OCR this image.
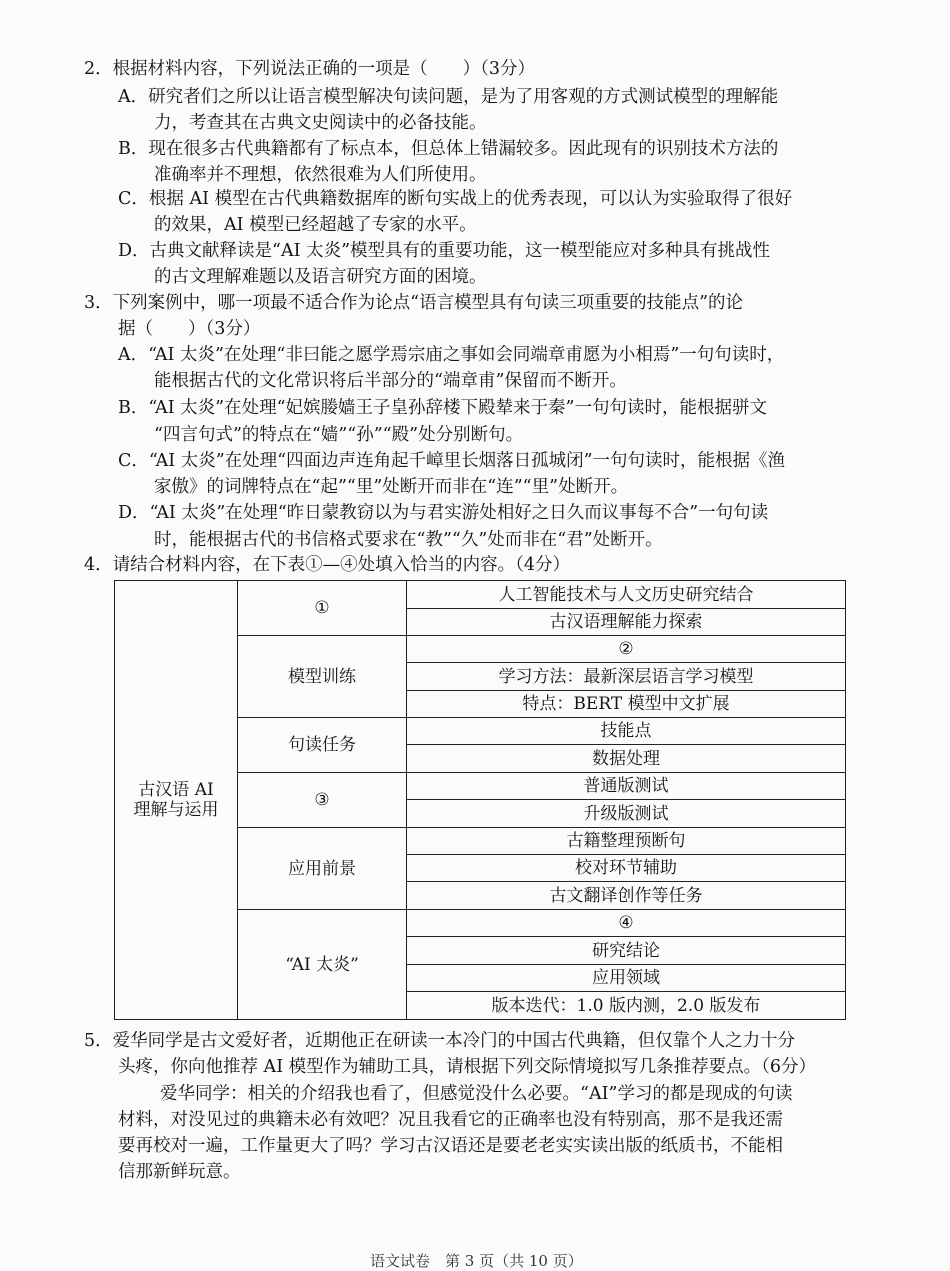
2．根据材料内容，下列说法正确的一项是（　　）（3分）
A．研究者们之所以让语言模型解决句读问题，是为了用客观的方式测试模型的理解能
力，考查其在古典文史阅读中的必备技能。
B．现在很多古代典籍都有了标点本，但总体上错漏较多。因此现有的识别技术方法的
准确率并不理想，依然很难为人们所使用。
C．根据 AI 模型在古代典籍数据库的断句实战上的优秀表现，可以认为实验取得了很好
的效果，AI 模型已经超越了专家的水平。
D．古典文献释读是“AI 太炎”模型具有的重要功能，这一模型能应对多种具有挑战性
的古文理解难题以及语言研究方面的困境。
3．下列案例中，哪一项最不适合作为论点“语言模型具有句读三项重要的技能点”的论
据（　　）（3分）
A．“AI 太炎”在处理“非曰能之愿学焉宗庙之事如会同端章甫愿为小相焉”一句句读时，
能根据古代的文化常识将后半部分的“端章甫”保留而不断开。
B．“AI 太炎”在处理“妃嫔媵嫱王子皇孙辞楼下殿辇来于秦”一句句读时，能根据骈文
“四言句式”的特点在“嫱”“孙”“殿”处分别断句。
C．“AI 太炎”在处理“四面边声连角起千嶂里长烟落日孤城闭”一句句读时，能根据《渔
家傲》的词牌特点在“起”“里”处断开而非在“连”“里”处断开。
D．“AI 太炎”在处理“昨日蒙教窃以为与君实游处相好之日久而议事每不合”一句句读
时，能根据古代的书信格式要求在“教”“久”处而非在“君”处断开。
4．请结合材料内容，在下表①—④处填入恰当的内容。（4分）
古汉语 AI
理解与运用	①	人工智能技术与人文历史研究结合
		古汉语理解能力探索
	模型训练	②
		学习方法：最新深层语言学习模型
		特点：BERT 模型中文扩展
	句读任务	技能点
		数据处理
	③	普通版测试
		升级版测试
	应用前景	古籍整理预断句
		校对环节辅助
		古文翻译创作等任务
	“AI 太炎”	④
		研究结论
		应用领域
		版本迭代：1.0 版内测，2.0 版发布
5．爱华同学是古文爱好者，近期他正在研读一本冷门的中国古代典籍，但仅靠个人之力十分
头疼，你向他推荐 AI 模型作为辅助工具，请根据下列交际情境拟写几条推荐要点。（6分）
爱华同学：相关的介绍我也看了，但感觉没什么必要。“AI”学习的都是现成的句读
材料，对没见过的典籍未必有效吧？况且我看它的正确率也没有特别高，那不是我还需
要再校对一遍，工作量更大了吗？学习古汉语还是要老老实实读出版的纸质书，不能相
信那新鲜玩意。
语文试卷　第 3 页（共 10 页）
